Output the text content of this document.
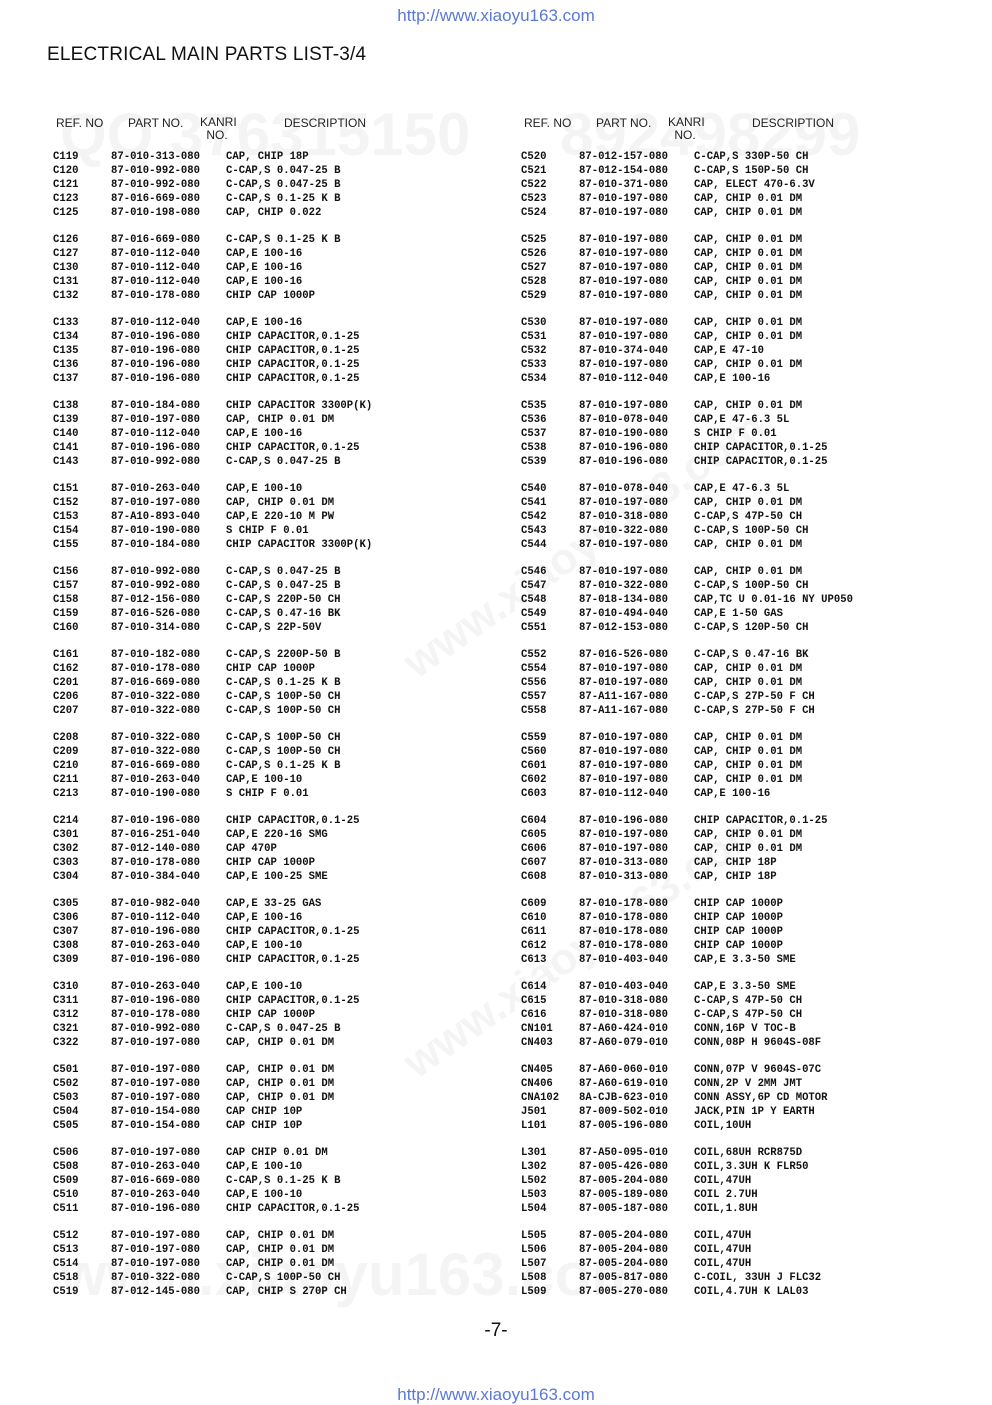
http://www.xiaoyu163.com
ELECTRICAL MAIN PARTS LIST-3/4
REF. NO PART NO. KANRI NO.
DESCRIPTION
C119	87-010-313-080 CAP, CHIP 18P
C120	87-010-992-080 C-CAP,S 0.047-25 B
C121	87-010-992-080 C-CAP,S 0.047-25 B
C123	87-016-669-080 C-CAP,S 0.1-25 K B
C125	87-010-198-080 CAP, CHIP 0.022
C126	87-016-669-080 C-CAP,S 0.1-25 K B
C127	87-010-112-040 CAP,E 100-16
C130	87-010-112-040 CAP,E 100-16
C131	87-010-112-040 CAP,E 100-16
C132	87-010-178-080 CHIP CAP 1000P
C133	87-010-112-040 CAP,E 100-16
C134	87-010-196-080 CHIP CAPACITOR,0.1-25
C135	87-010-196-080 CHIP CAPACITOR,0.1-25
C136	87-010-196-080 CHIP CAPACITOR,0.1-25
C137	87-010-196-080 CHIP CAPACITOR,0.1-25
C138	87-010-184-080 CHIP CAPACITOR 3300P(K)
C139	87-010-197-080 CAP, CHIP 0.01 DM
C140	87-010-112-040 CAP,E 100-16
C141	87-010-196-080 CHIP CAPACITOR,0.1-25
C143	87-010-992-080 C-CAP,S 0.047-25 B
C151	87-010-263-040 CAP,E 100-10
C152	87-010-197-080 CAP, CHIP 0.01 DM
C153	87-A10-893-040 CAP,E 220-10 M PW
C154	87-010-190-080 S CHIP F 0.01
C155	87-010-184-080 CHIP CAPACITOR 3300P(K)
C156	87-010-992-080 C-CAP,S 0.047-25 B
C157	87-010-992-080 C-CAP,S 0.047-25 B
C158	87-012-156-080 C-CAP,S 220P-50 CH
C159	87-016-526-080 C-CAP,S 0.47-16 BK
C160	87-010-314-080 C-CAP,S 22P-50V
C161	87-010-182-080 C-CAP,S 2200P-50 B
C162	87-010-178-080 CHIP CAP 1000P
C201	87-016-669-080 C-CAP,S 0.1-25 K B
C206	87-010-322-080 C-CAP,S 100P-50 CH
C207	87-010-322-080 C-CAP,S 100P-50 CH
C208	87-010-322-080 C-CAP,S 100P-50 CH
C209	87-010-322-080 C-CAP,S 100P-50 CH
C210	87-016-669-080 C-CAP,S 0.1-25 K B
C211	87-010-263-040 CAP,E 100-10
C213	87-010-190-080 S CHIP F 0.01
C214	87-010-196-080 CHIP CAPACITOR,0.1-25
C301	87-016-251-040 CAP,E 220-16 SMG
C302	87-012-140-080 CAP 470P
C303	87-010-178-080 CHIP CAP 1000P
C304	87-010-384-040 CAP,E 100-25 SME
C305	87-010-982-040 CAP,E 33-25 GAS
C306	87-010-112-040 CAP,E 100-16
C307	87-010-196-080 CHIP CAPACITOR,0.1-25
C308	87-010-263-040 CAP,E 100-10
C309	87-010-196-080 CHIP CAPACITOR,0.1-25
C310	87-010-263-040 CAP,E 100-10
C311	87-010-196-080 CHIP CAPACITOR,0.1-25
C312	87-010-178-080 CHIP CAP 1000P
C321	87-010-992-080 C-CAP,S 0.047-25 B
C322	87-010-197-080 CAP, CHIP 0.01 DM
C501	87-010-197-080 CAP, CHIP 0.01 DM
C502	87-010-197-080 CAP, CHIP 0.01 DM
C503	87-010-197-080 CAP, CHIP 0.01 DM
C504	87-010-154-080 CAP CHIP 10P
C505	87-010-154-080 CAP CHIP 10P
C506	87-010-197-080 CAP CHIP 0.01 DM
C508	87-010-263-040 CAP,E 100-10
C509	87-016-669-080 C-CAP,S 0.1-25 K B
C510	87-010-263-040 CAP,E 100-10
C511	87-010-196-080 CHIP CAPACITOR,0.1-25
C512	87-010-197-080 CAP, CHIP 0.01 DM
C513	87-010-197-080 CAP, CHIP 0.01 DM
C514	87-010-197-080 CAP, CHIP 0.01 DM
C518	87-010-322-080 C-CAP,S 100P-50 CH
C519	87-012-145-080 CAP, CHIP S 270P CH
REF. NO PART NO. KANRI NO.
DESCRIPTION
C520	87-012-157-080 C-CAP,S 330P-50 CH
C521	87-012-154-080 C-CAP,S 150P-50 CH
C522	87-010-371-080 CAP, ELECT 470-6.3V
C523	87-010-197-080 CAP, CHIP 0.01 DM
C524	87-010-197-080 CAP, CHIP 0.01 DM
C525	87-010-197-080 CAP, CHIP 0.01 DM
C526	87-010-197-080 CAP, CHIP 0.01 DM
C527	87-010-197-080 CAP, CHIP 0.01 DM
C528	87-010-197-080 CAP, CHIP 0.01 DM
C529	87-010-197-080 CAP, CHIP 0.01 DM
C530	87-010-197-080 CAP, CHIP 0.01 DM
C531	87-010-197-080 CAP, CHIP 0.01 DM
C532	87-010-374-040 CAP,E 47-10
C533	87-010-197-080 CAP, CHIP 0.01 DM
C534	87-010-112-040 CAP,E 100-16
C535	87-010-197-080 CAP, CHIP 0.01 DM
C536	87-010-078-040 CAP,E 47-6.3 5L
C537	87-010-190-080 S CHIP F 0.01
C538	87-010-196-080 CHIP CAPACITOR,0.1-25
C539	87-010-196-080 CHIP CAPACITOR,0.1-25
C540	87-010-078-040 CAP,E 47-6.3 5L
C541	87-010-197-080 CAP, CHIP 0.01 DM
C542	87-010-318-080 C-CAP,S 47P-50 CH
C543	87-010-322-080 C-CAP,S 100P-50 CH
C544	87-010-197-080 CAP, CHIP 0.01 DM
C546	87-010-197-080 CAP, CHIP 0.01 DM
C547	87-010-322-080 C-CAP,S 100P-50 CH
C548	87-018-134-080 CAP,TC U 0.01-16 NY UP050
C549	87-010-494-040 CAP,E 1-50 GAS
C551	87-012-153-080 C-CAP,S 120P-50 CH
C552	87-016-526-080 C-CAP,S 0.47-16 BK
C554	87-010-197-080 CAP, CHIP 0.01 DM
C556	87-010-197-080 CAP, CHIP 0.01 DM
C557	87-A11-167-080 C-CAP,S 27P-50 F CH
C558	87-A11-167-080 C-CAP,S 27P-50 F CH
C559	87-010-197-080 CAP, CHIP 0.01 DM
C560	87-010-197-080 CAP, CHIP 0.01 DM
C601	87-010-197-080 CAP, CHIP 0.01 DM
C602	87-010-197-080 CAP, CHIP 0.01 DM
C603	87-010-112-040 CAP,E 100-16
C604	87-010-196-080 CHIP CAPACITOR,0.1-25
C605	87-010-197-080 CAP, CHIP 0.01 DM
C606	87-010-197-080 CAP, CHIP 0.01 DM
C607	87-010-313-080 CAP, CHIP 18P
C608	87-010-313-080 CAP, CHIP 18P
C609	87-010-178-080 CHIP CAP 1000P
C610	87-010-178-080 CHIP CAP 1000P
C611	87-010-178-080 CHIP CAP 1000P
C612	87-010-178-080 CHIP CAP 1000P
C613	87-010-403-040 CAP,E 3.3-50 SME
C614	87-010-403-040 CAP,E 3.3-50 SME
C615	87-010-318-080 C-CAP,S 47P-50 CH
C616	87-010-318-080 C-CAP,S 47P-50 CH
CN101 87-A60-424-010 CONN,16P V TOC-B
CN403 87-A60-079-010 CONN,08P H 9604S-08F
CN405 87-A60-060-010 CONN,07P V 9604S-07C
CN406 87-A60-619-010 CONN,2P V 2MM JMT
CNA102 8A-CJB-623-010 CONN ASSY,6P CD MOTOR
J501	87-009-502-010 JACK,PIN 1P Y EARTH
L101	87-005-196-080 COIL,10UH
L301	87-A50-095-010 COIL,68UH RCR875D
L302	87-005-426-080 COIL,3.3UH K FLR50
L502	87-005-204-080 COIL,47UH
L503	87-005-189-080 COIL 2.7UH
L504	87-005-187-080 COIL,1.8UH
L505	87-005-204-080 COIL,47UH
L506	87-005-204-080 COIL,47UH
L507	87-005-204-080 COIL,47UH
L508	87-005-817-080 C-COIL, 33UH J FLC32
L509	87-005-270-080 COIL,4.7UH K LAL03
-7-
http://www.xiaoyu163.com
